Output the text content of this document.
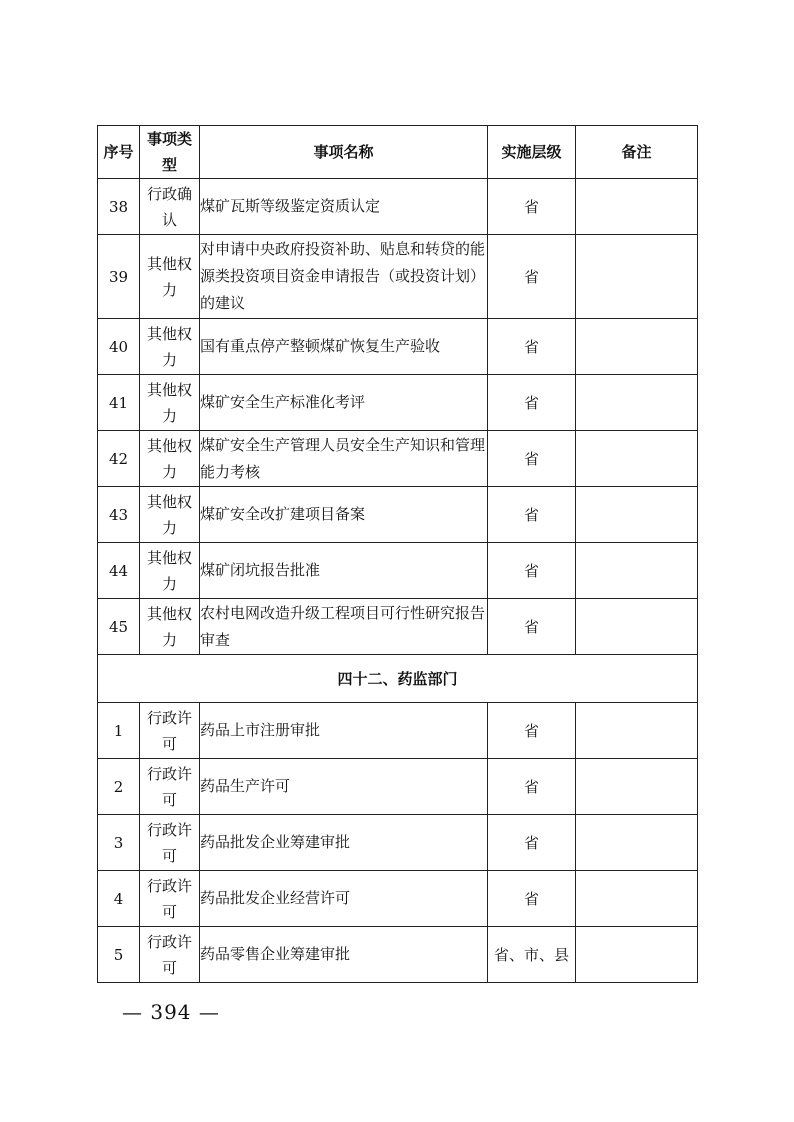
序号	事项类型	事项名称	实施层级	备注
38	行政确认	煤矿瓦斯等级鉴定资质认定	省	
39	其他权力	对申请中央政府投资补助、贴息和转贷的能源类投资项目资金申请报告（或投资计划）的建议	省	
40	其他权力	国有重点停产整顿煤矿恢复生产验收	省	
41	其他权力	煤矿安全生产标准化考评	省	
42	其他权力	煤矿安全生产管理人员安全生产知识和管理能力考核	省	
43	其他权力	煤矿安全改扩建项目备案	省	
44	其他权力	煤矿闭坑报告批准	省	
45	其他权力	农村电网改造升级工程项目可行性研究报告审查	省	
四十二、药监部门				
1	行政许可	药品上市注册审批	省	
2	行政许可	药品生产许可	省	
3	行政许可	药品批发企业筹建审批	省	
4	行政许可	药品批发企业经营许可	省	
5	行政许可	药品零售企业筹建审批	省、市、县	
— 394 —
